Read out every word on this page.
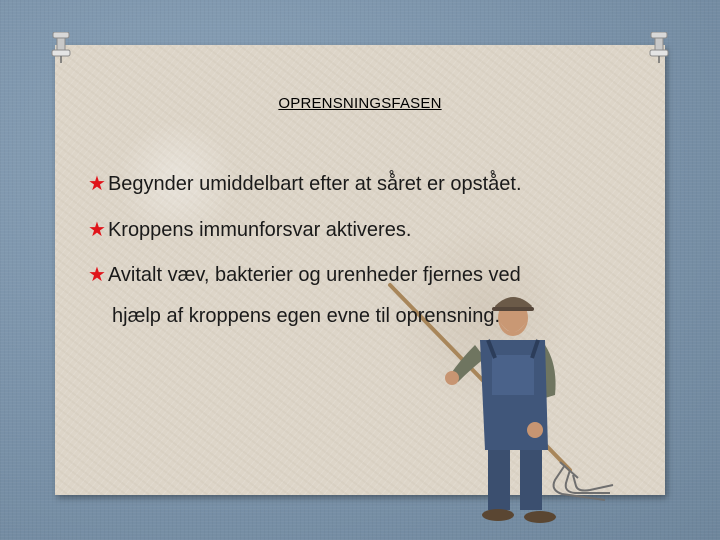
OPRENSNINGSFASEN
★ Begynder umiddelbart efter at så̊ret er opstå̊et.
★ Kroppens immunforsvar aktiveres.
★ Avitalt væv, bakterier og urenheder fjernes ved
hjælp af kroppens egen evne til oprensning.
